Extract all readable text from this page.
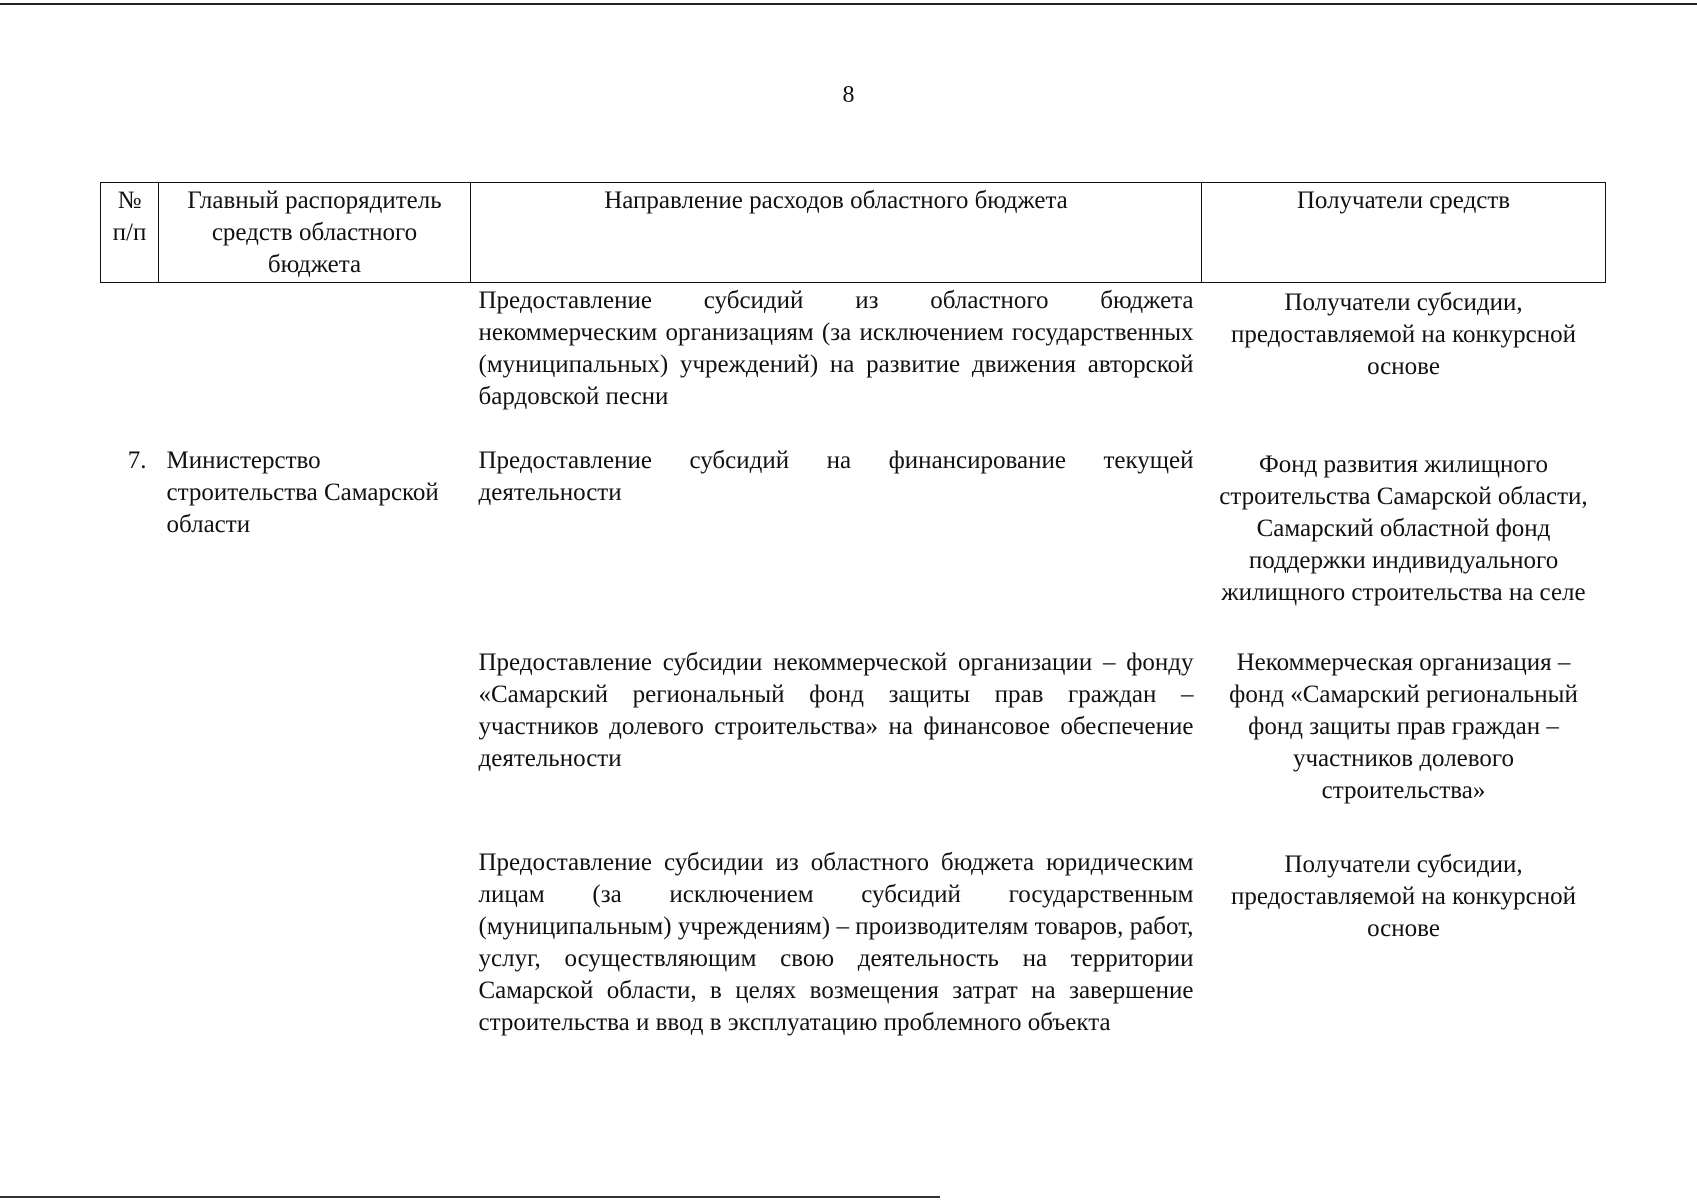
8
№ п/п	Главный распорядитель средств областного бюджета	Направление расходов областного бюджета	Получатели средств
		Предоставление субсидий из областного бюджета некоммерческим организациям (за исключением государственных (муниципальных) учреждений) на развитие движения авторской бардовской песни	Получатели субсидии, предоставляемой на конкурсной основе
7.	Министерство строительства Самарской области	Предоставление субсидий на финансирование текущей деятельности	Фонд развития жилищного строительства Самарской области, Самарский областной фонд поддержки индивидуального жилищного строительства на селе
		Предоставление субсидии некоммерческой организации – фонду «Самарский региональный фонд защиты прав граждан – участников долевого строительства» на финансовое обеспечение деятельности	Некоммерческая организация – фонд «Самарский региональный фонд защиты прав граждан – участников долевого строительства»
		Предоставление субсидии из областного бюджета юридическим лицам (за исключением субсидий государственным (муниципальным) учреждениям) – производителям товаров, работ, услуг, осуществляющим свою деятельность на территории Самарской области, в целях возмещения затрат на завершение строительства и ввод в эксплуатацию проблемного объекта	Получатели субсидии, предоставляемой на конкурсной основе
